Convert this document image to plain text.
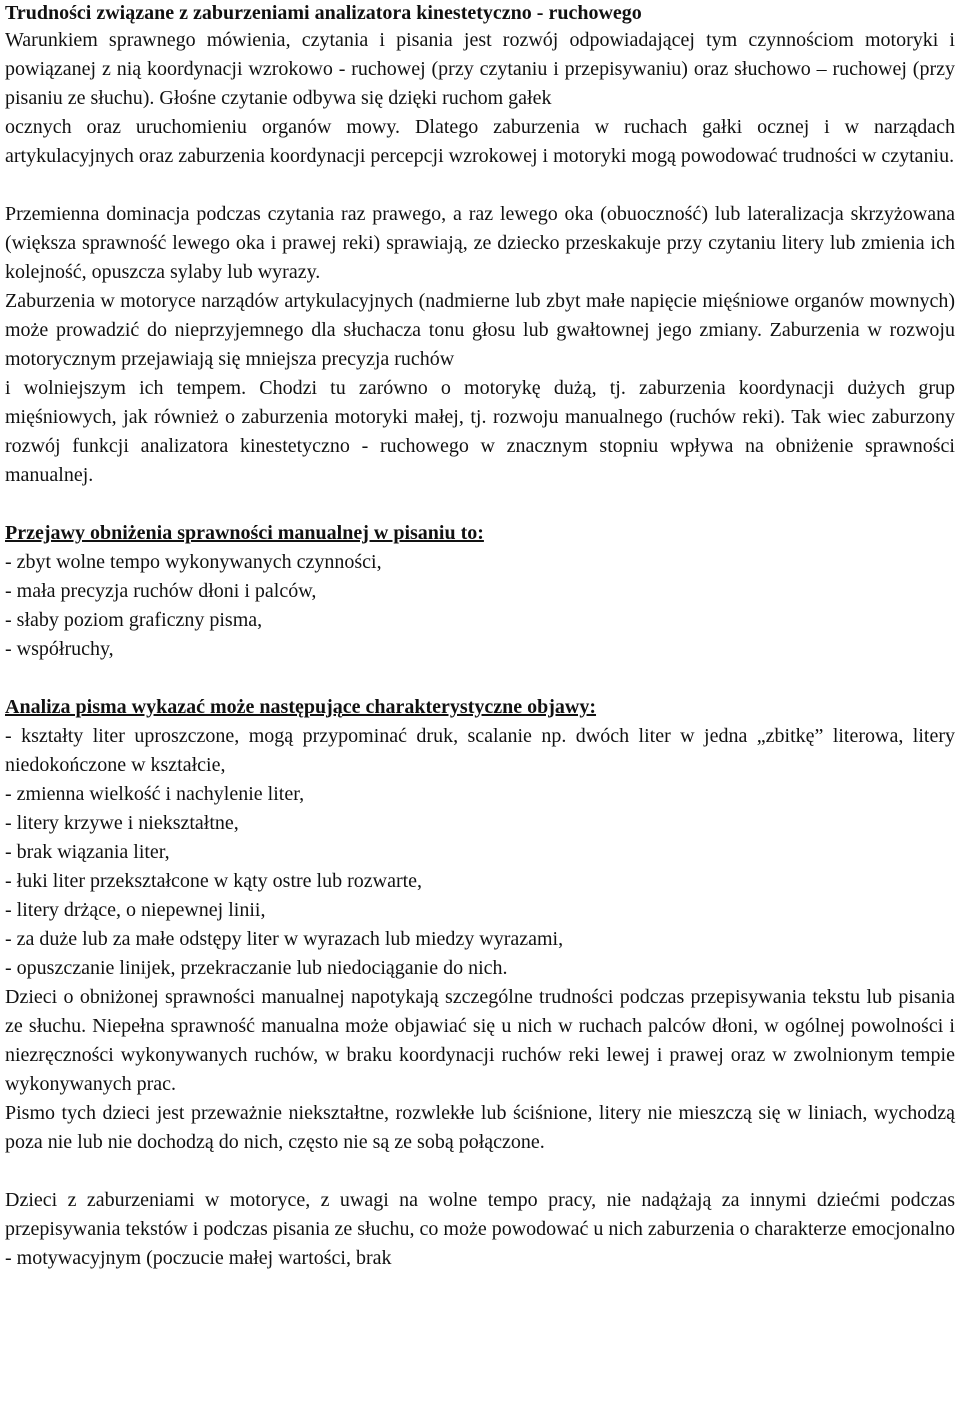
Trudności związane z zaburzeniami analizatora kinestetyczno - ruchowego

Warunkiem sprawnego mówienia, czytania i pisania jest rozwój odpowiadającej tym czynnościom motoryki i powiązanej z nią koordynacji wzrokowo - ruchowej (przy czytaniu i przepisywaniu) oraz słuchowo – ruchowej (przy pisaniu ze słuchu). Głośne czytanie odbywa się dzięki ruchom gałek

ocznych oraz uruchomieniu organów mowy. Dlatego zaburzenia w ruchach gałki ocznej i w narządach artykulacyjnych oraz zaburzenia koordynacji percepcji wzrokowej i motoryki mogą powodować trudności w czytaniu.

Przemienna dominacja podczas czytania raz prawego, a raz lewego oka (obuoczność) lub lateralizacja skrzyżowana (większa sprawność lewego oka i prawej reki) sprawiają, ze dziecko przeskakuje przy czytaniu litery lub zmienia ich kolejność, opuszcza sylaby lub wyrazy.

Zaburzenia w motoryce narządów artykulacyjnych (nadmierne lub zbyt małe napięcie mięśniowe organów mownych) może prowadzić do nieprzyjemnego dla słuchacza tonu głosu lub gwałtownej jego zmiany. Zaburzenia w rozwoju motorycznym przejawiają się mniejsza precyzja ruchów

i wolniejszym ich tempem. Chodzi tu zarówno o motorykę dużą, tj. zaburzenia koordynacji dużych grup mięśniowych, jak również o zaburzenia motoryki małej, tj. rozwoju manualnego (ruchów reki). Tak wiec zaburzony rozwój funkcji analizatora kinestetyczno - ruchowego w znacznym stopniu wpływa na obniżenie sprawności manualnej.

Przejawy obniżenia sprawności manualnej w pisaniu to:

- zbyt wolne tempo wykonywanych czynności,
- mała precyzja ruchów dłoni i palców,
- słaby poziom graficzny pisma,
- współruchy,

Analiza pisma wykazać może następujące charakterystyczne objawy:

- kształty liter uproszczone, mogą przypominać druk, scalanie np. dwóch liter w jedna „zbitkę” literowa, litery niedokończone w kształcie,
- zmienna wielkość i nachylenie liter,
- litery krzywe i niekształtne,
- brak wiązania liter,
- łuki liter przekształcone w kąty ostre lub rozwarte,
- litery drżące, o niepewnej linii,
- za duże lub za małe odstępy liter w wyrazach lub miedzy wyrazami,
- opuszczanie linijek, przekraczanie lub niedociąganie do nich.

Dzieci o obniżonej sprawności manualnej napotykają szczególne trudności podczas przepisywania tekstu lub pisania ze słuchu. Niepełna sprawność manualna może objawiać się u nich w ruchach palców dłoni, w ogólnej powolności i niezręczności wykonywanych ruchów, w braku koordynacji ruchów reki lewej i prawej oraz w zwolnionym tempie wykonywanych prac.

Pismo tych dzieci jest przeważnie niekształtne, rozwlekłe lub ściśnione, litery nie mieszczą się w liniach, wychodzą poza nie lub nie dochodzą do nich, często nie są ze sobą połączone.

Dzieci z zaburzeniami w motoryce, z uwagi na wolne tempo pracy, nie nadążają za innymi dziećmi podczas przepisywania tekstów i podczas pisania ze słuchu, co może powodować u nich zaburzenia o charakterze emocjonalno - motywacyjnym (poczucie małej wartości, brak
